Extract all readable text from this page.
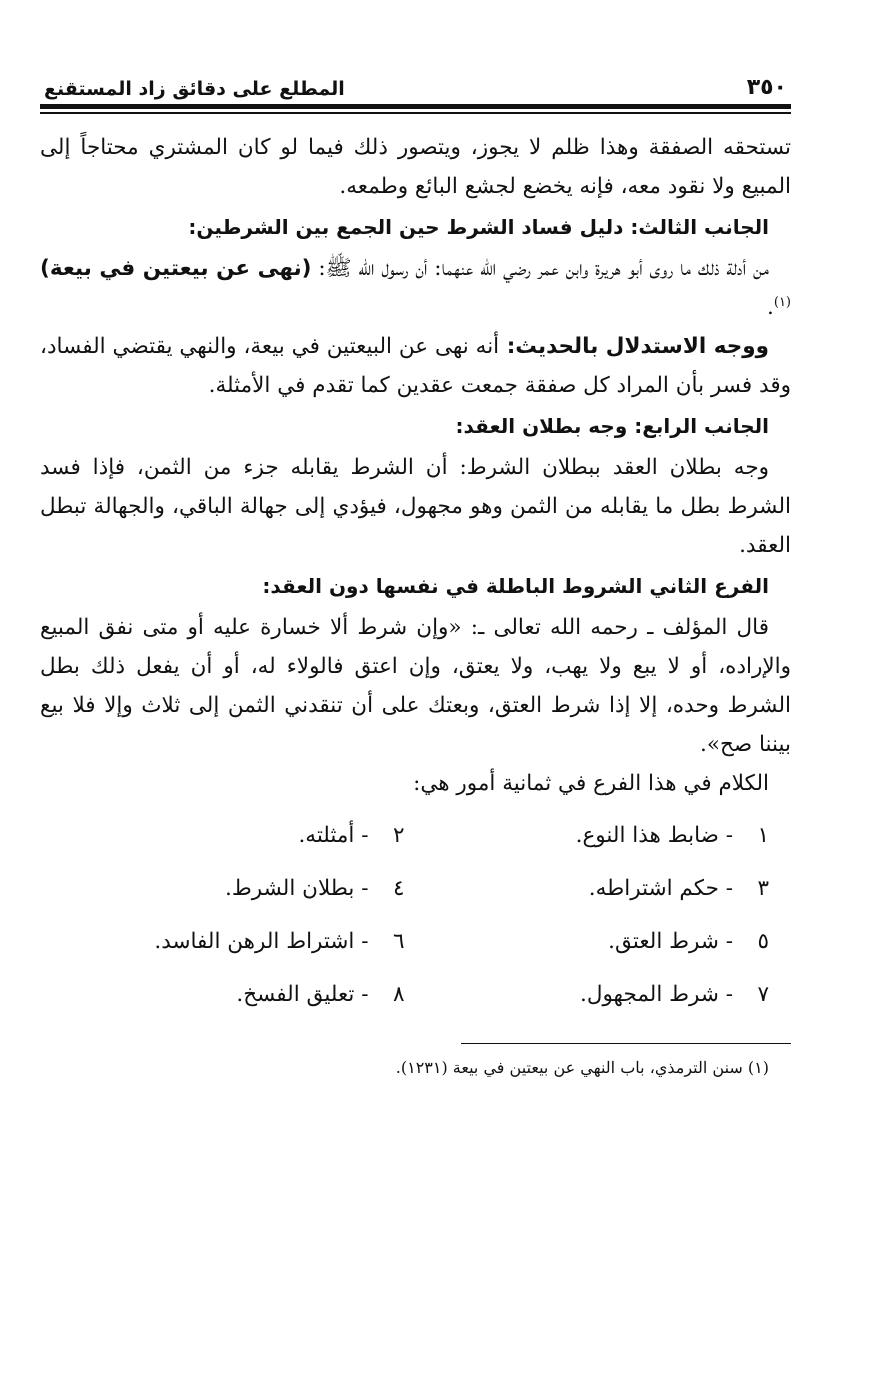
٣٥٠
المطلع على دقائق زاد المستقنع

تستحقه الصفقة وهذا ظلم لا يجوز، ويتصور ذلك فيما لو كان المشتري محتاجاً إلى المبيع ولا نقود معه، فإنه يخضع لجشع البائع وطمعه.

الجانب الثالث: دليل فساد الشرط حين الجمع بين الشرطين:

من أدلة ذلك ما روى أبو هريرة وابن عمر رضي الله عنهما: أن رسول الله ﷺ: (نهى عن بيعتين في بيعة)$^{(١)}$.

ووجه الاستدلال بالحديث: أنه نهى عن البيعتين في بيعة، والنهي يقتضي الفساد، وقد فسر بأن المراد كل صفقة جمعت عقدين كما تقدم في الأمثلة.

الجانب الرابع: وجه بطلان العقد:

وجه بطلان العقد ببطلان الشرط: أن الشرط يقابله جزء من الثمن، فإذا فسد الشرط بطل ما يقابله من الثمن وهو مجهول، فيؤدي إلى جهالة الباقي، والجهالة تبطل العقد.

الفرع الثاني الشروط الباطلة في نفسها دون العقد:

قال المؤلف ـ رحمه الله تعالى ـ: «وإن شرط ألا خسارة عليه أو متى نفق المبيع والإراده، أو لا يبع ولا يهب، ولا يعتق، وإن اعتق فالولاء له، أو أن يفعل ذلك بطل الشرط وحده، إلا إذا شرط العتق، وبعتك على أن تنقدني الثمن إلى ثلاث وإلا فلا بيع بيننا صح».

الكلام في هذا الفرع في ثمانية أمور هي:

١
- ضابط هذا النوع.
٢
- أمثلته.
٣
- حكم اشتراطه.
٤
- بطلان الشرط.
٥
- شرط العتق.
٦
- اشتراط الرهن الفاسد.
٧
- شرط المجهول.
٨
- تعليق الفسخ.
(١) سنن الترمذي، باب النهي عن بيعتين في بيعة (١٢٣١).
